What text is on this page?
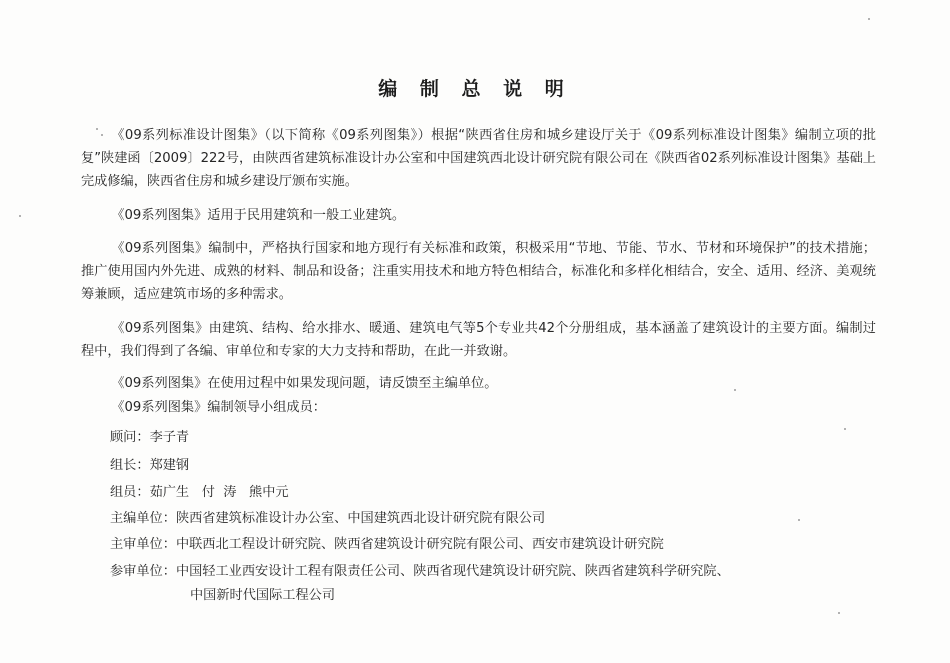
编 制 总 说 明
《09系列标准设计图集》（以下简称《09系列图集》）根据“陕西省住房和城乡建设厅关于《09系列标准设计图集》编制立项的批复”陕建函〔2009〕222号，由陕西省建筑标准设计办公室和中国建筑西北设计研究院有限公司在《陕西省02系列标准设计图集》基础上完成修编，陕西省住房和城乡建设厅颁布实施。
《09系列图集》适用于民用建筑和一般工业建筑。
《09系列图集》编制中，严格执行国家和地方现行有关标准和政策，积极采用“节地、节能、节水、节材和环境保护”的技术措施；推广使用国内外先进、成熟的材料、制品和设备；注重实用技术和地方特色相结合，标准化和多样化相结合，安全、适用、经济、美观统筹兼顾，适应建筑市场的多种需求。
《09系列图集》由建筑、结构、给水排水、暖通、建筑电气等5个专业共42个分册组成，基本涵盖了建筑设计的主要方面。编制过程中，我们得到了各编、审单位和专家的大力支持和帮助，在此一并致谢。
《09系列图集》在使用过程中如果发现问题，请反馈至主编单位。
《09系列图集》编制领导小组成员：
顾问：李子青
组长：郑建钢
组员：茹广生   付  涛   熊中元
主编单位：陕西省建筑标准设计办公室、中国建筑西北设计研究院有限公司
主审单位：中联西北工程设计研究院、陕西省建筑设计研究院有限公司、西安市建筑设计研究院
参审单位：中国轻工业西安设计工程有限责任公司、陕西省现代建筑设计研究院、陕西省建筑科学研究院、
中国新时代国际工程公司
